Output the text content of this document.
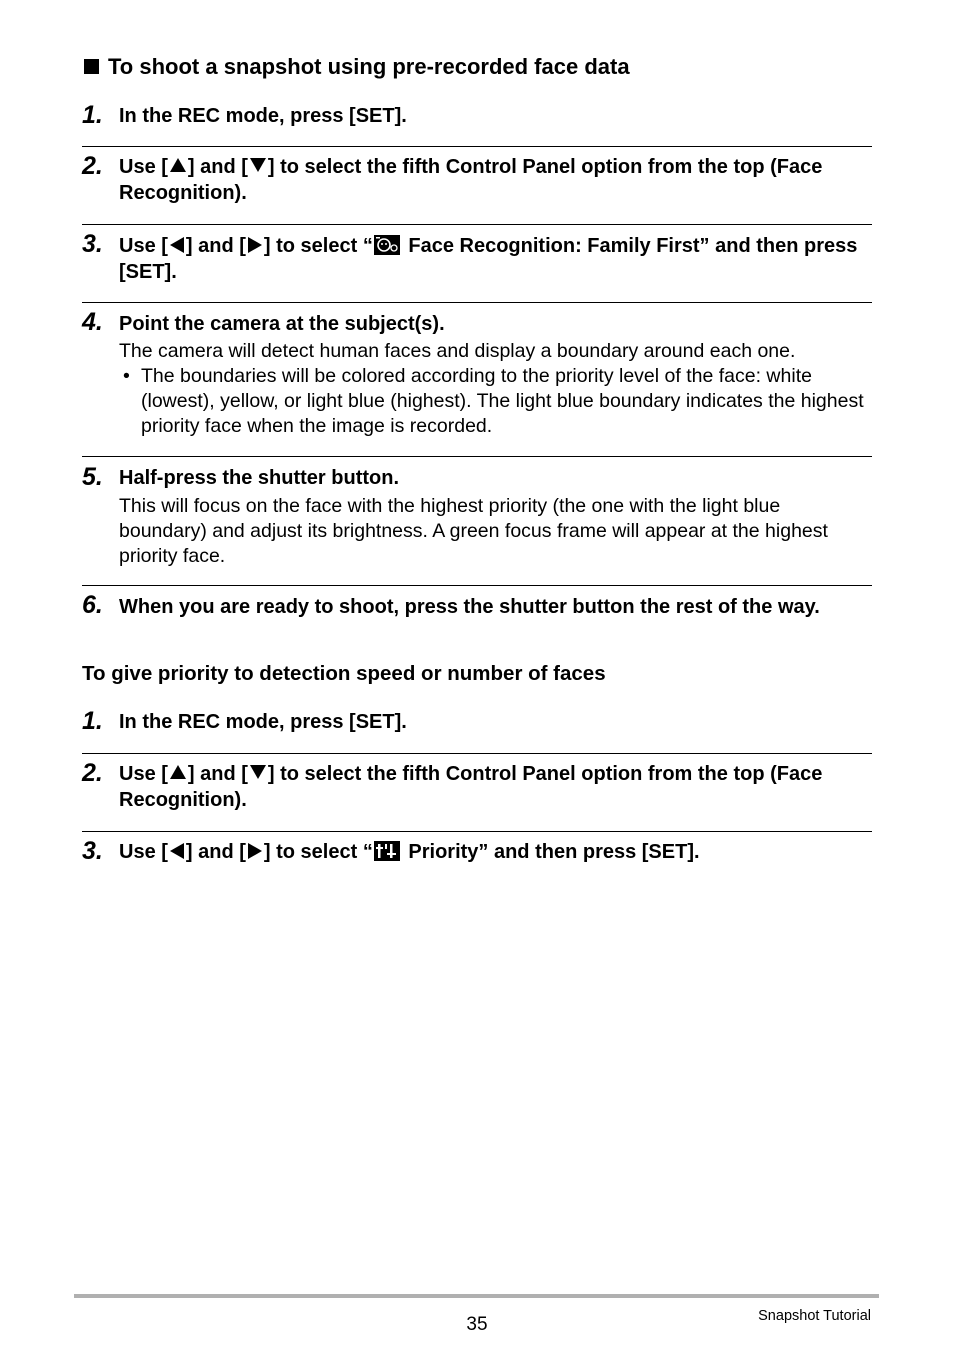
To shoot a snapshot using pre-recorded face data
1. In the REC mode, press [SET].
2. Use [ ] and [ ] to select the fifth Control Panel option from the top (Face Recognition).
3. Use [ ] and [ ] to select “
Face Recognition: Family First” and then press [SET].
4. Point the camera at the subject(s).
The camera will detect human faces and display a boundary around each one.
• The boundaries will be colored according to the priority level of the face: white (lowest), yellow, or light blue (highest). The light blue boundary indicates the highest priority face when the image is recorded.
5. Half-press the shutter button.
This will focus on the face with the highest priority (the one with the light blue boundary) and adjust its brightness. A green focus frame will appear at the highest priority face.
6. When you are ready to shoot, press the shutter button the rest of the way.
To give priority to detection speed or number of faces
1. In the REC mode, press [SET].
2. Use [ ] and [ ] to select the fifth Control Panel option from the top (Face Recognition).
3. Use [ ] and [ ] to select “
Priority” and then press [SET].
35	Snapshot Tutorial
